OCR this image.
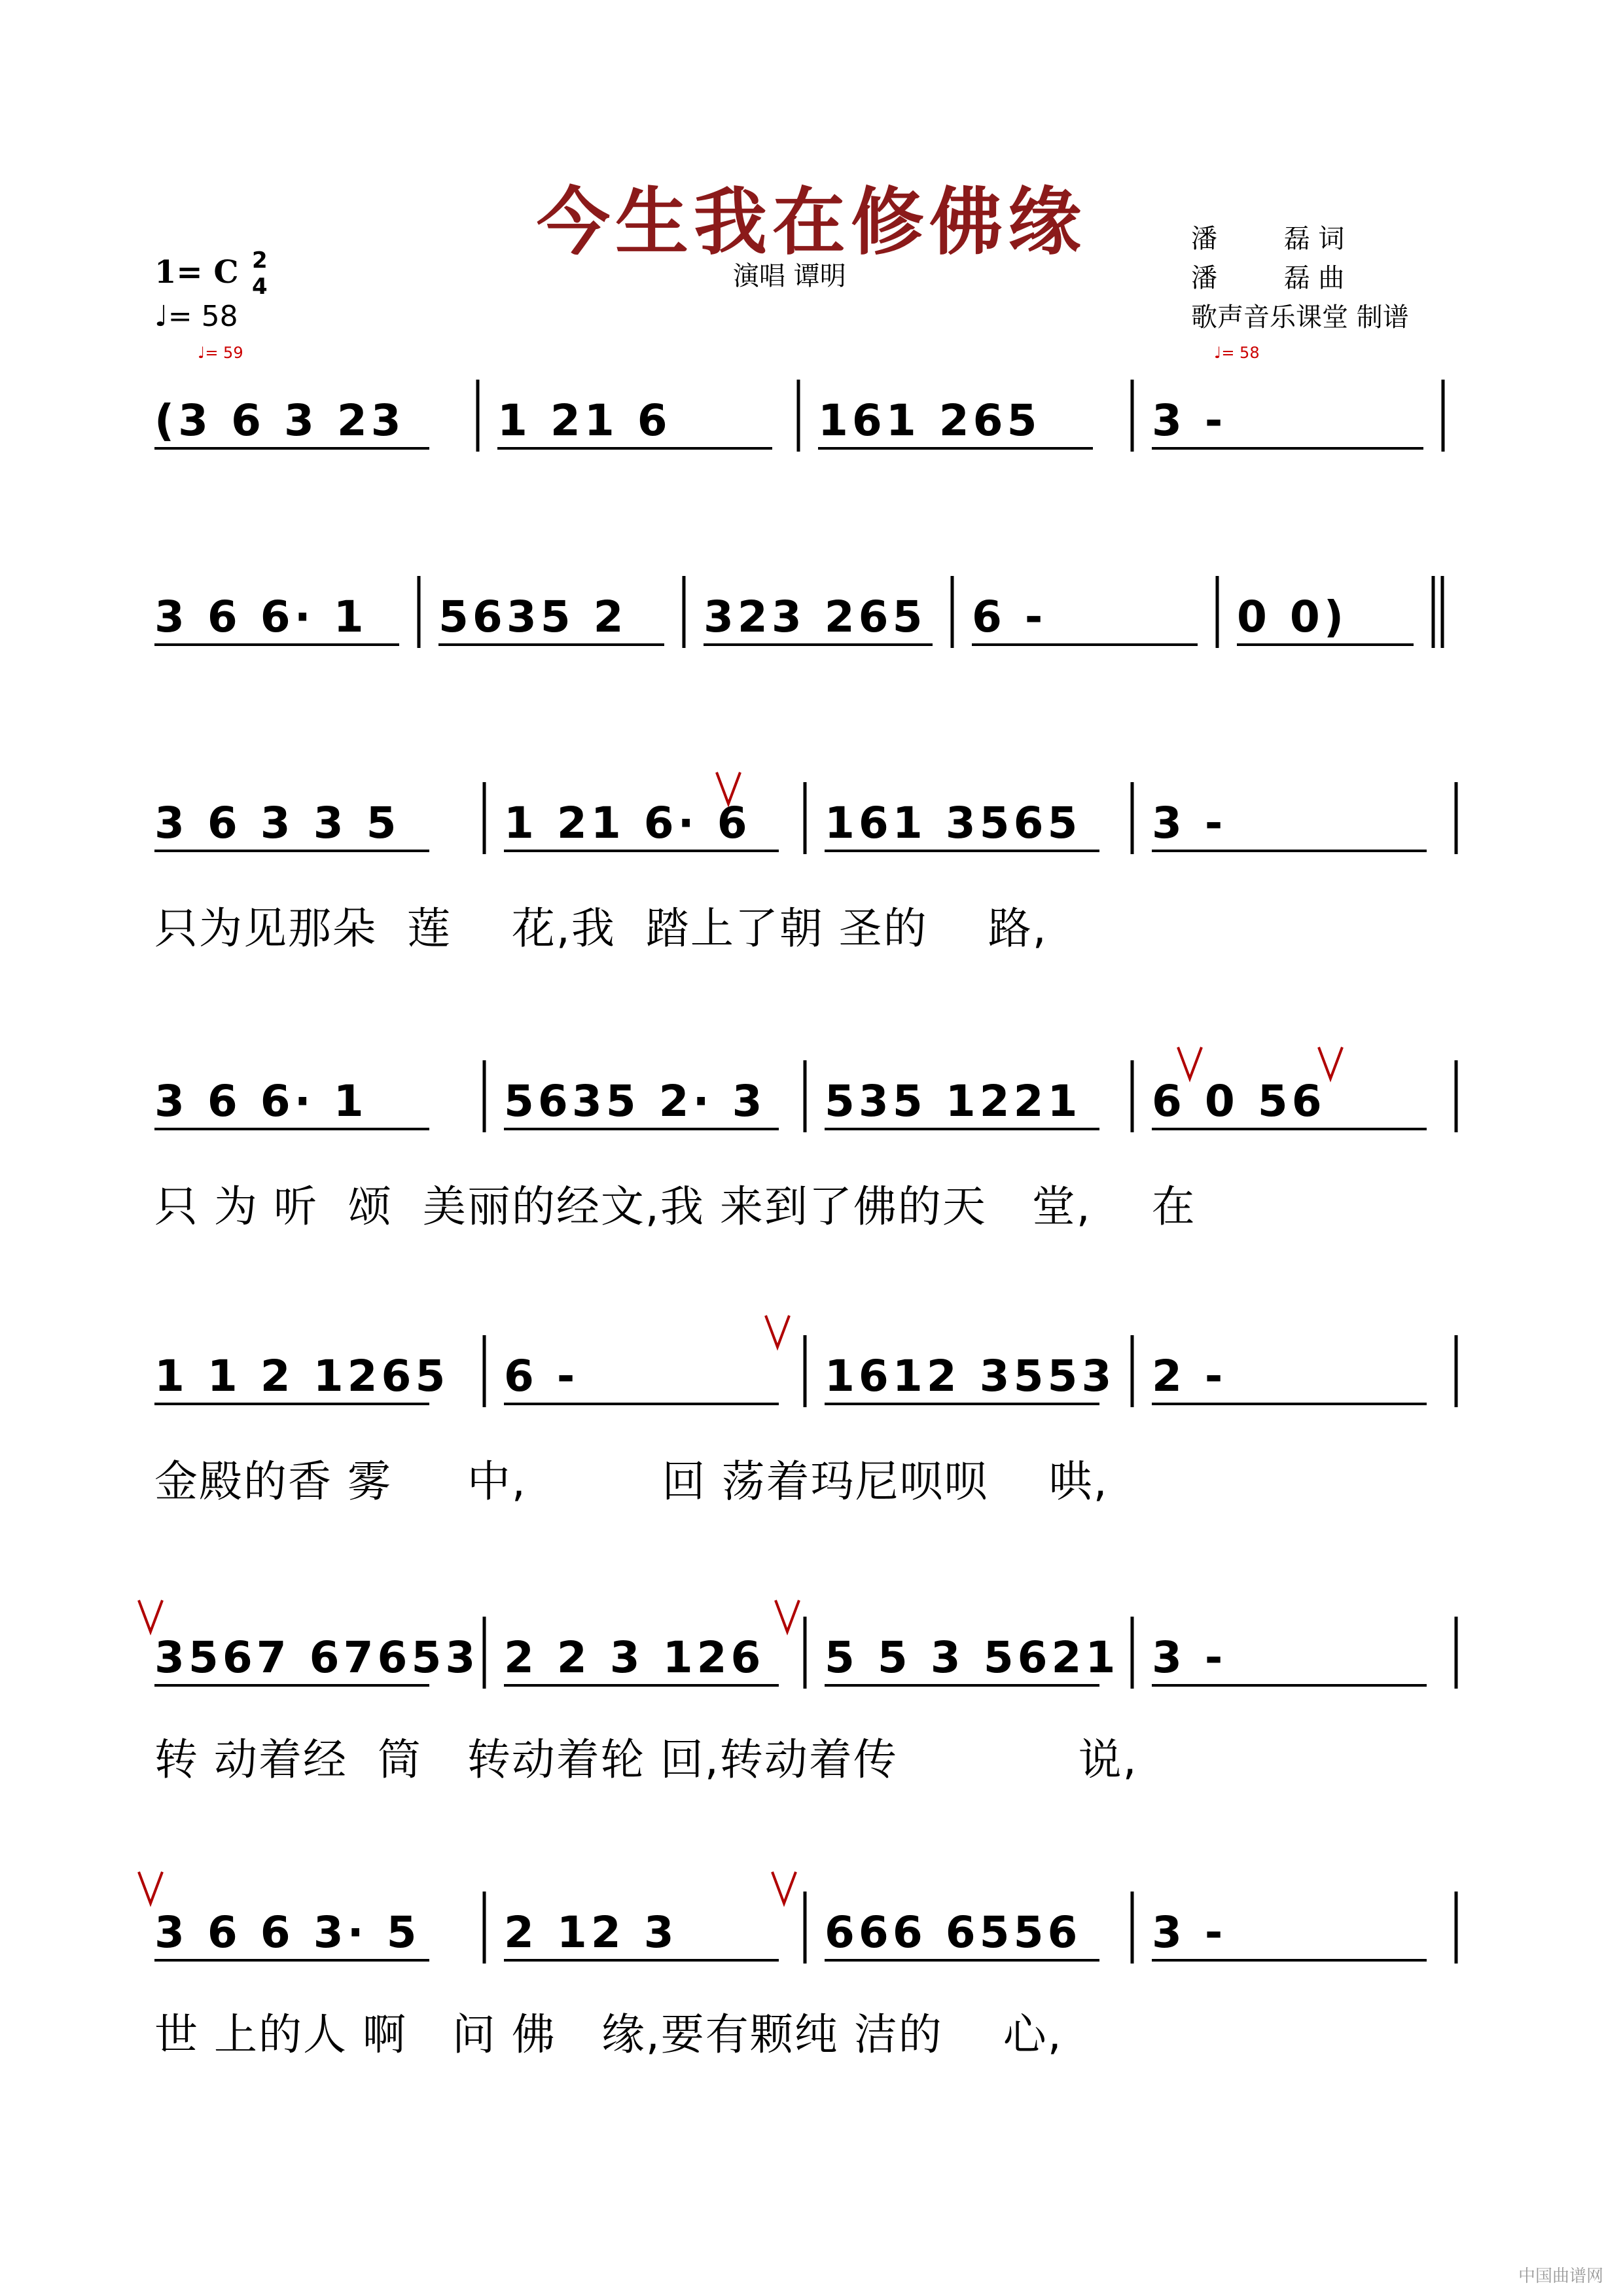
今生我在修佛缘
演唱 谭明
潘        磊 词
潘        磊 曲
歌声音乐课堂 制谱
1= C 2
4
♩= 58
♩= 59	♩= 58
(3 6 3 23 1 21 6	161 265	3 -
3 6 6· 1 5635 2 323 265 6 -	0 0)
3 6 3 3 5 1 21 6· 6 161 3565 3 -
3 6 6· 1	5635 2· 3 535 1221 6 0 56
1 1 2 1265 6 -	1612 3553 2 -
3567 67653 2 2 3 126 5 5 3 5621 3 -
3 6 6 3· 5 2 12 3	666 6556 3 -
只为见那朵  莲    花,我  踏上了朝 圣的    路,
只 为 听  颂  美丽的经文,我 来到了佛的天   堂,    在
金殿的香 雾     中,         回 荡着玛尼呗呗    哄,
转 动着经  筒   转动着轮 回,转动着传            说,
世 上的人 啊   问 佛   缘,要有颗纯 洁的    心,
中国曲谱网
